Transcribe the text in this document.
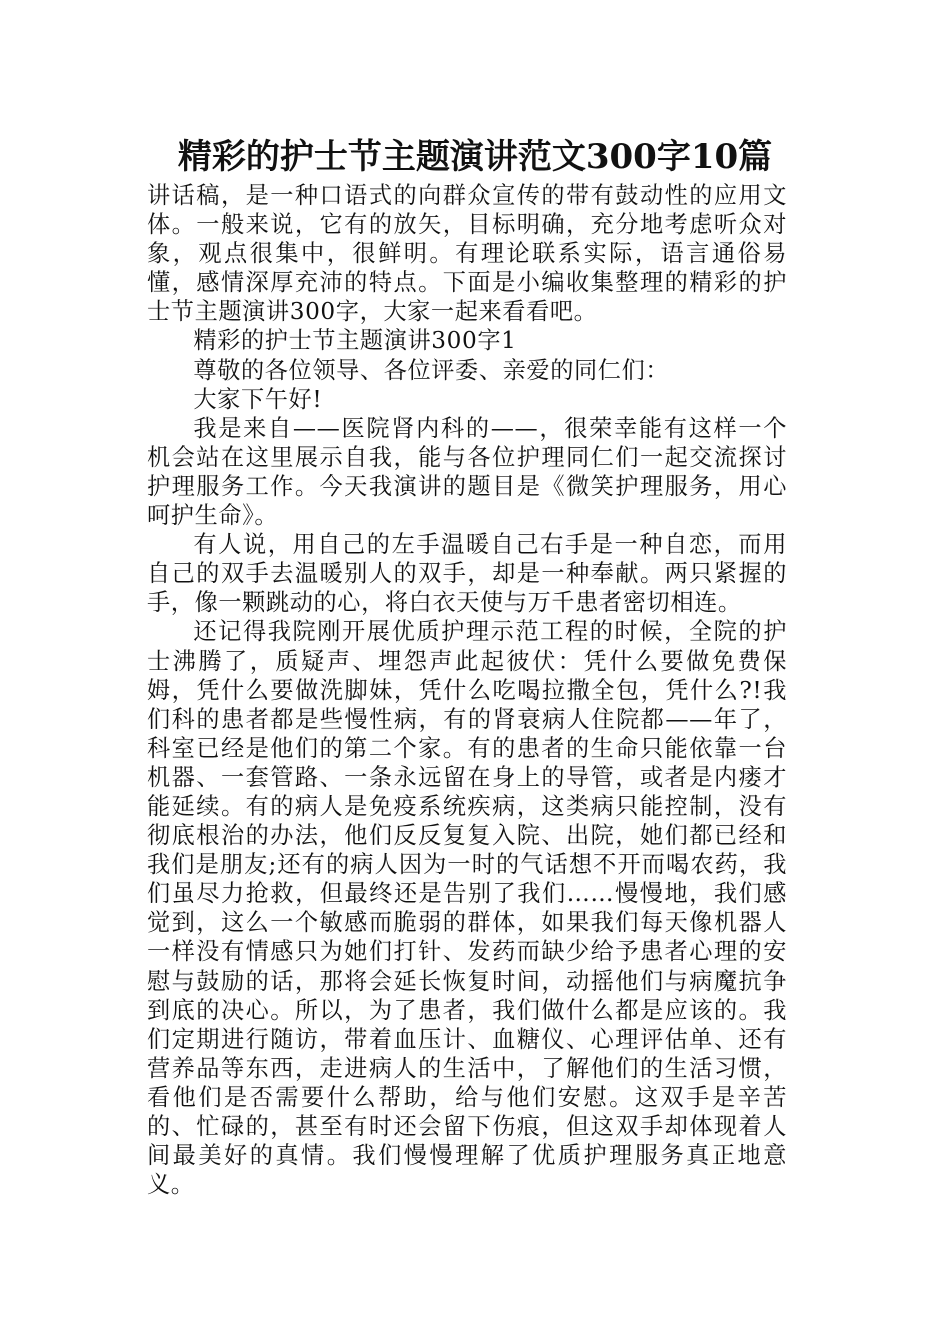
精彩的护士节主题演讲范文300字10篇

讲话稿，是一种口语式的向群众宣传的带有鼓动性的应用文体。一般来说，它有的放矢，目标明确，充分地考虑听众对象，观点很集中，很鲜明。有理论联系实际，语言通俗易懂，感情深厚充沛的特点。下面是小编收集整理的精彩的护士节主题演讲300字，大家一起来看看吧。

精彩的护士节主题演讲300字1

尊敬的各位领导、各位评委、亲爱的同仁们：

大家下午好!

我是来自——医院肾内科的——，很荣幸能有这样一个机会站在这里展示自我，能与各位护理同仁们一起交流探讨护理服务工作。今天我演讲的题目是《微笑护理服务，用心呵护生命》。

有人说，用自己的左手温暖自己右手是一种自恋，而用自己的双手去温暖别人的双手，却是一种奉献。两只紧握的手，像一颗跳动的心，将白衣天使与万千患者密切相连。

还记得我院刚开展优质护理示范工程的时候，全院的护士沸腾了，质疑声、埋怨声此起彼伏：凭什么要做免费保姆，凭什么要做洗脚妹，凭什么吃喝拉撒全包，凭什么?!我们科的患者都是些慢性病，有的肾衰病人住院都——年了，科室已经是他们的第二个家。有的患者的生命只能依靠一台机器、一套管路、一条永远留在身上的导管，或者是内瘘才能延续。有的病人是免疫系统疾病，这类病只能控制，没有彻底根治的办法，他们反反复复入院、出院，她们都已经和我们是朋友;还有的病人因为一时的气话想不开而喝农药，我们虽尽力抢救，但最终还是告别了我们……慢慢地，我们感觉到，这么一个敏感而脆弱的群体，如果我们每天像机器人一样没有情感只为她们打针、发药而缺少给予患者心理的安慰与鼓励的话，那将会延长恢复时间，动摇他们与病魔抗争到底的决心。所以，为了患者，我们做什么都是应该的。我们定期进行随访，带着血压计、血糖仪、心理评估单、还有营养品等东西，走进病人的生活中，了解他们的生活习惯，看他们是否需要什么帮助，给与他们安慰。这双手是辛苦的、忙碌的，甚至有时还会留下伤痕，但这双手却体现着人间最美好的真情。我们慢慢理解了优质护理服务真正地意义。
